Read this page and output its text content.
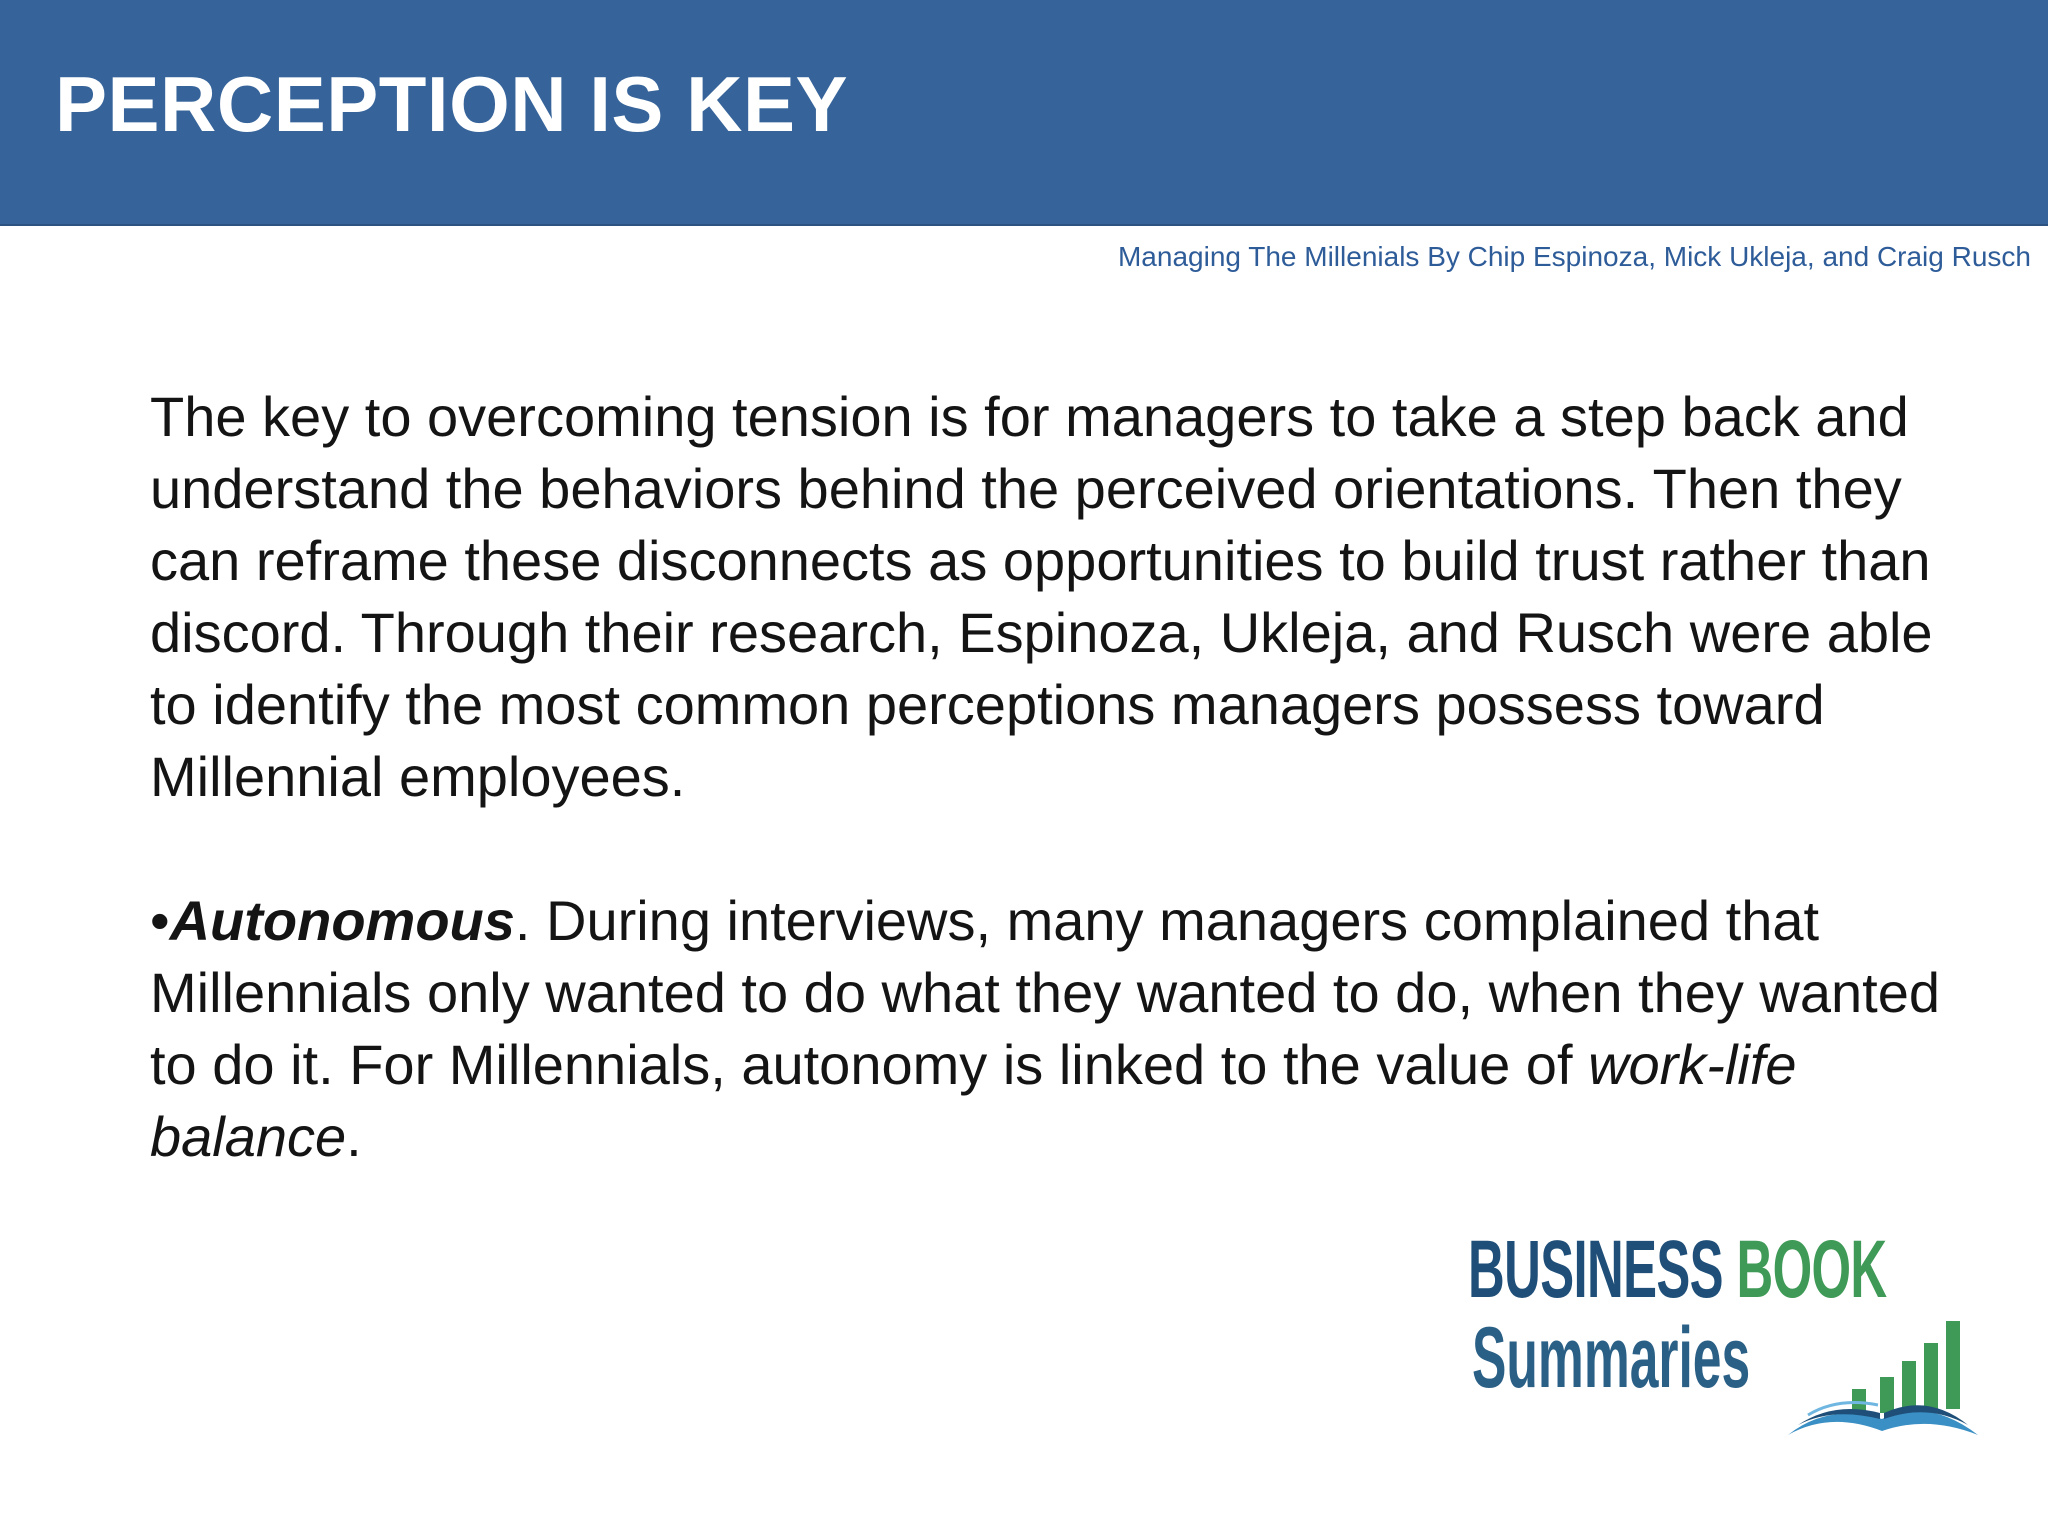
PERCEPTION IS KEY
Managing The Millenials By Chip Espinoza, Mick Ukleja, and Craig Rusch

The key to overcoming tension is for managers to take a step back and understand the behaviors behind the perceived orientations. Then they can reframe these disconnects as opportunities to build trust rather than discord. Through their research, Espinoza, Ukleja, and Rusch were able to identify the most common perceptions managers possess toward Millennial employees.

•Autonomous. During interviews, many managers complained that Millennials only wanted to do what they wanted to do, when they wanted to do it. For Millennials, autonomy is linked to the value of work-life balance.

BUSINESS BOOK
Summaries
